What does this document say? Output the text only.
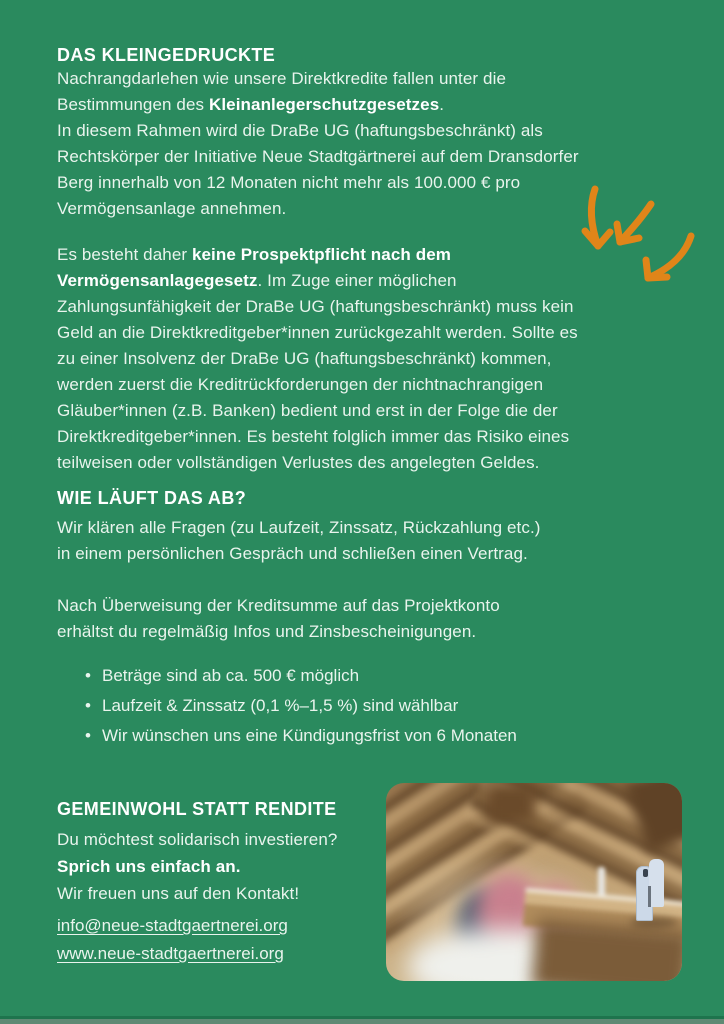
DAS KLEINGEDRUCKTE

Nachrangdarlehen wie unsere Direktkredite fallen unter die
Bestimmungen des Kleinanlegerschutzgesetzes.
In diesem Rahmen wird die DraBe UG (haftungsbeschränkt) als
Rechtskörper der Initiative Neue Stadtgärtnerei auf dem Dransdorfer
Berg innerhalb von 12 Monaten nicht mehr als 100.000 € pro
Vermögensanlage annehmen.

Es besteht daher keine Prospektpflicht nach dem
Vermögensanlagegesetz. Im Zuge einer möglichen
Zahlungsunfähigkeit der DraBe UG (haftungsbeschränkt) muss kein
Geld an die Direktkreditgeber*innen zurückgezahlt werden. Sollte es
zu einer Insolvenz der DraBe UG (haftungsbeschränkt) kommen,
werden zuerst die Kreditrückforderungen der nichtnachrangigen
Gläuber*innen (z.B. Banken) bedient und erst in der Folge die der
Direktkreditgeber*innen. Es besteht folglich immer das Risiko eines
teilweisen oder vollständigen Verlustes des angelegten Geldes.

WIE LÄUFT DAS AB?

Wir klären alle Fragen (zu Laufzeit, Zinssatz, Rückzahlung etc.)
in einem persönlichen Gespräch und schließen einen Vertrag.

Nach Überweisung der Kreditsumme auf das Projektkonto
erhältst du regelmäßig Infos und Zinsbescheinigungen.

• Beträge sind ab ca. 500 € möglich
• Laufzeit & Zinssatz (0,1 %–1,5 %) sind wählbar
• Wir wünschen uns eine Kündigungsfrist von 6 Monaten
GEMEINWOHL STATT RENDITE

Du möchtest solidarisch investieren?
Sprich uns einfach an.
Wir freuen uns auf den Kontakt!

info@neue-stadtgaertnerei.org
www.neue-stadtgaertnerei.org
